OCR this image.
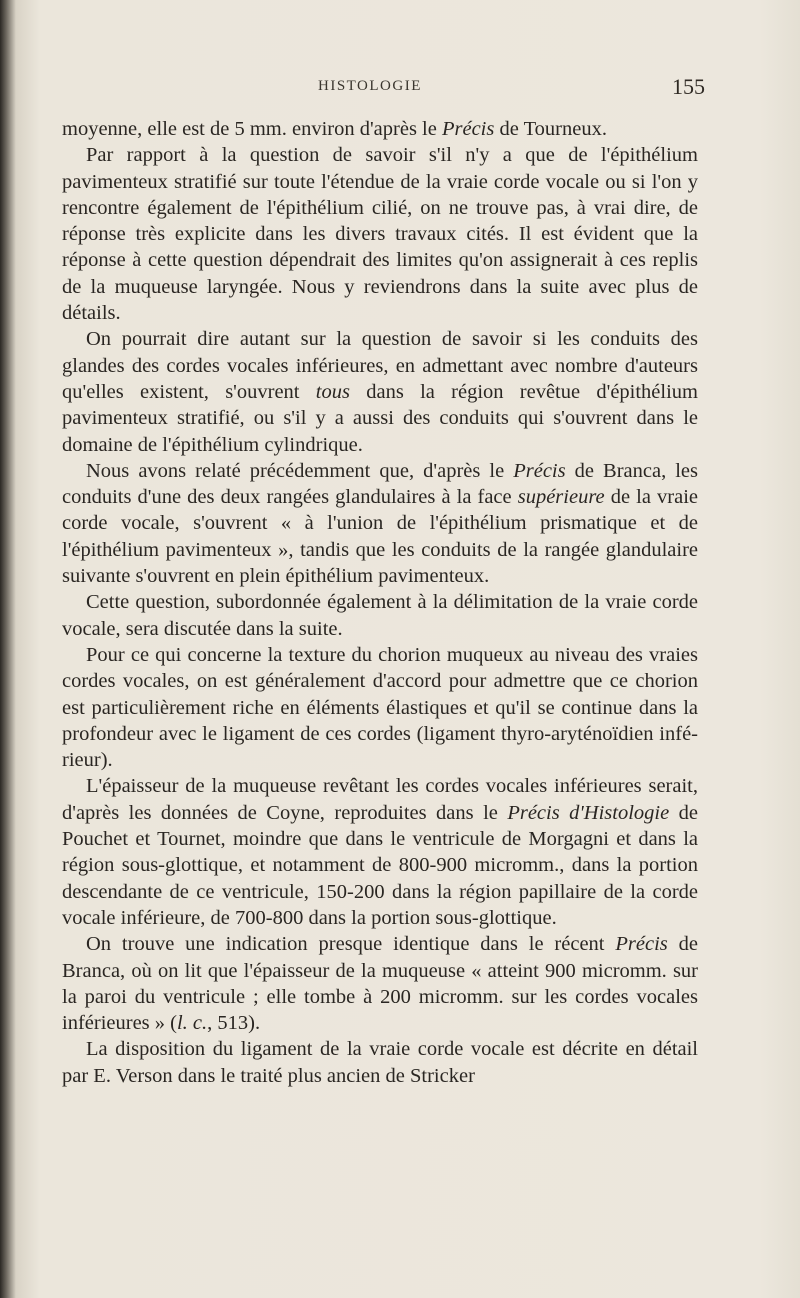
HISTOLOGIE	155

moyenne, elle est de 5 mm. environ d'après le Précis de Tourneux.

Par rapport à la question de savoir s'il n'y a que de l'épithélium pavimenteux stratifié sur toute l'étendue de la vraie corde vocale ou si l'on y rencontre également de l'épithélium cilié, on ne trouve pas, à vrai dire, de réponse très explicite dans les divers travaux cités. Il est évident que la réponse à cette question dépendrait des limites qu'on assignerait à ces replis de la muqueuse laryngée. Nous y reviendrons dans la suite avec plus de détails.

On pourrait dire autant sur la question de savoir si les conduits des glandes des cordes vocales inférieures, en admettant avec nombre d'auteurs qu'elles existent, s'ouvrent tous dans la région revêtue d'épithélium pavimenteux stratifié, ou s'il y a aussi des conduits qui s'ouvrent dans le domaine de l'épithélium cylindrique.

Nous avons relaté précédemment que, d'après le Précis de Branca, les conduits d'une des deux rangées glandulaires à la face supérieure de la vraie corde vocale, s'ouvrent « à l'union de l'épithélium prismatique et de l'épithélium pavimenteux », tandis que les conduits de la rangée glandulaire suivante s'ouvrent en plein épithélium pavimenteux.

Cette question, subordonnée également à la délimitation de la vraie corde vocale, sera discutée dans la suite.

Pour ce qui concerne la texture du chorion muqueux au niveau des vraies cordes vocales, on est généralement d'accord pour admettre que ce chorion est particulièrement riche en éléments élastiques et qu'il se continue dans la profondeur avec le ligament de ces cordes (ligament thyro-aryténoïdien inférieur).

L'épaisseur de la muqueuse revêtant les cordes vocales inférieures serait, d'après les données de Coyne, reproduites dans le Précis d'Histologie de Pouchet et Tournet, moindre que dans le ventricule de Morgagni et dans la région sous-glottique, et notamment de 800-900 micromm., dans la portion descendante de ce ventricule, 150-200 dans la région papillaire de la corde vocale inférieure, de 700-800 dans la portion sous-glottique.

On trouve une indication presque identique dans le récent Précis de Branca, où on lit que l'épaisseur de la muqueuse « atteint 900 micromm. sur la paroi du ventricule ; elle tombe à 200 micromm. sur les cordes vocales inférieures » (l. c., 513).

La disposition du ligament de la vraie corde vocale est décrite en détail par E. Verson dans le traité plus ancien de Stricker
